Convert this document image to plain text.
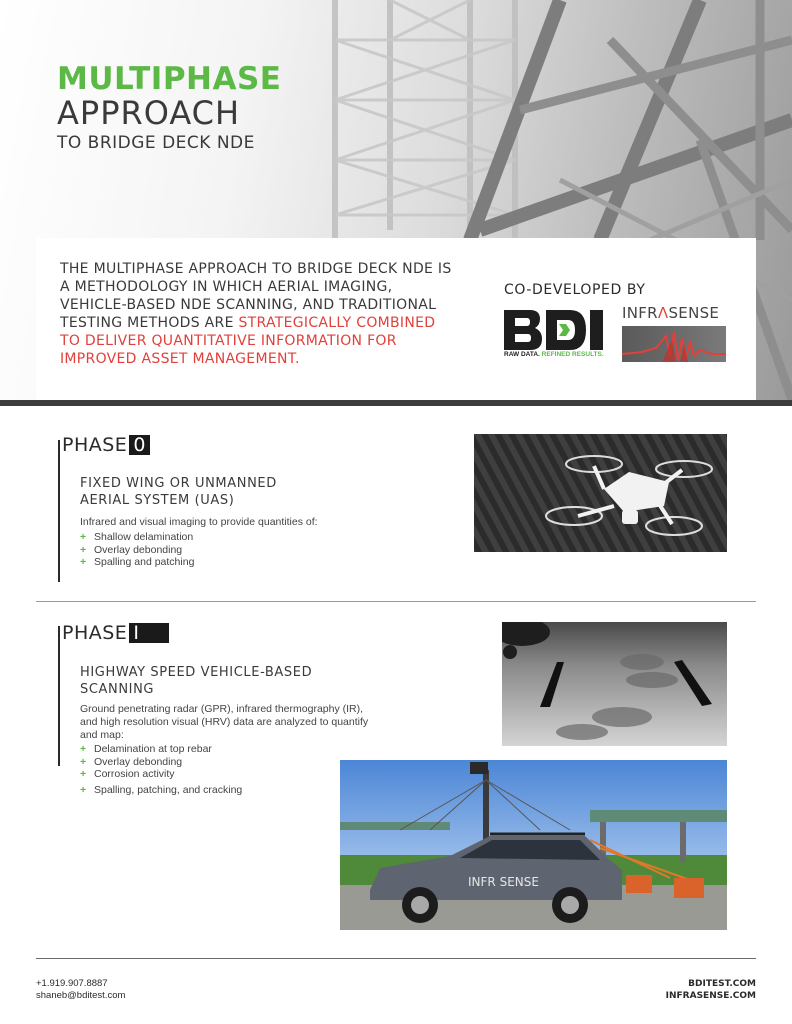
MULTIPHASE
APPROACH
TO BRIDGE DECK NDE
THE MULTIPHASE APPROACH TO BRIDGE DECK NDE IS A METHODOLOGY IN WHICH AERIAL IMAGING, VEHICLE-BASED NDE SCANNING, AND TRADITIONAL TESTING METHODS ARE STRATEGICALLY COMBINED TO DELIVER QUANTITATIVE INFORMATION FOR IMPROVED ASSET MANAGEMENT.
CO-DEVELOPED BY
RAW DATA. REFINED RESULTS.
INFRΛSENSE
PHASE 0
FIXED WING OR UNMANNED AERIAL SYSTEM (UAS)
Infrared and visual imaging to provide quantities of:
+ Shallow delamination
+ Overlay debonding
+ Spalling and patching
PHASE I
HIGHWAY SPEED VEHICLE-BASED SCANNING
Ground penetrating radar (GPR), infrared thermography (IR), and high resolution visual (HRV) data are analyzed to quantify and map:
+ Delamination at top rebar
+ Overlay debonding
+ Corrosion activity
+ Spalling, patching, and cracking
INFR SENSE
+1.919.907.8887
shaneb@bditest.com
BDITEST.COM
INFRASENSE.COM
